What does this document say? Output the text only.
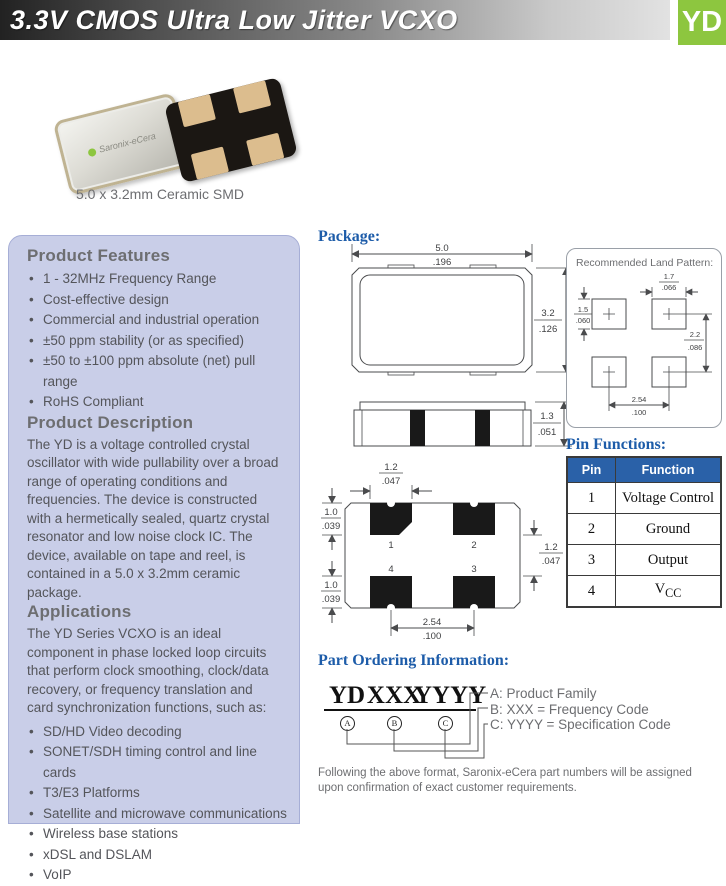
3.3V CMOS Ultra Low Jitter VCXO	YD
Saronix-eCera
5.0 x 3.2mm Ceramic SMD
Product Features
• 1 - 32MHz Frequency Range
• Cost-effective design
• Commercial and industrial operation
• ±50 ppm stability (or as specified)
• ±50 to ±100 ppm absolute (net) pull range
• RoHS Compliant
Product Description

The YD is a voltage controlled crystal oscillator with wide pullability over a broad range of operating conditions and frequencies. The device is constructed with a hermetically sealed, quartz crystal resonator and low noise clock IC. The device, available on tape and reel, is contained in a 5.0 x 3.2mm ceramic package.

Applications

The YD Series VCXO is an ideal component in phase locked loop circuits that perform clock smoothing, clock/data recovery, or frequency translation and card synchronization functions, such as:

• SD/HD Video decoding
• SONET/SDH timing control and line cards
• T3/E3 Platforms
• Satellite and microwave communications
• Wireless base stations
• xDSL and DSLAM
• VoIP
Package:
5.0
.196
3.2
.126
1.3
.051
1.2
.047
1	2
4	3
1.0
.039
1.0
.039
1.2
.047
2.54
.100
Recommended Land Pattern:
1.7
.066
1.5
.060
2.2
.086
2.54
.100
Pin Functions:
Pin	Function
1	Voltage Control
2	Ground
3	Output
4	$V_{CC}$
Part Ordering Information:
YD XXX
YYYY
A	B	C
A: Product Family
B: XXX = Frequency Code
C: YYYY = Specification Code
Following the above format, Saronix-eCera part numbers will be assigned upon confirmation of exact customer requirements.
